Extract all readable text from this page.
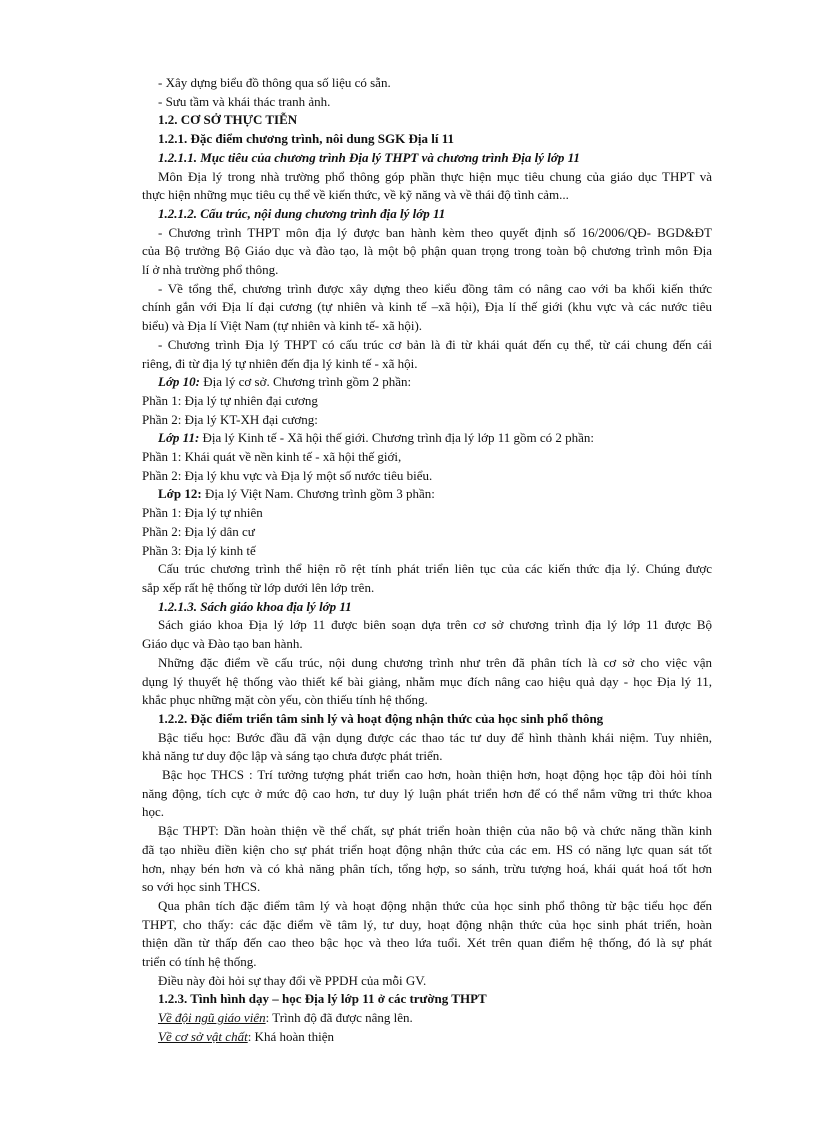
- Xây dựng biểu đồ thông qua số liệu có sẵn.
- Sưu tầm và khái thác tranh ảnh.
1.2. CƠ SỞ THỰC TIỄN
1.2.1. Đặc điểm chương trình, nôi dung SGK Địa lí 11
1.2.1.1. Mục tiêu của chương trình Địa lý THPT và chương trình Địa lý lớp 11
Môn Địa lý trong nhà trường phổ thông góp phần thực hiện mục tiêu chung của giáo dục THPT và
thực hiện những mục tiêu cụ thể về kiến thức, về kỹ năng và về thái độ tình cảm...
1.2.1.2. Cấu trúc, nội dung chương trình địa lý lớp 11
- Chương trình THPT môn địa lý được ban hành kèm theo quyết định số 16/2006/QĐ- BGD&ĐT
của Bộ trưởng Bộ Giáo dục và đào tạo, là một bộ phận quan trọng trong toàn bộ chương trình môn Địa
lí ở nhà trường phổ thông.
- Về tổng thể, chương trình được xây dựng theo kiểu đồng tâm có nâng cao với ba khối kiến thức
chính gắn với Địa lí đại cương (tự nhiên và kinh tế –xã hội), Địa lí thế giới (khu vực và các nước tiêu
biểu) và Địa lí Việt Nam (tự nhiên và kinh tế- xã hội).
- Chương trình Địa lý THPT có cấu trúc cơ bản là đi từ khái quát đến cụ thể, từ cái chung đến cái
riêng, đi từ địa lý tự nhiên đến địa lý kinh tế - xã hội.
Lớp 10: Địa lý cơ sở. Chương trình gồm 2 phần:
Phần 1: Địa lý tự nhiên đại cương
Phần 2: Địa lý KT-XH đại cương:
Lớp 11: Địa lý Kinh tế - Xã hội thế giới. Chương trình địa lý lớp 11 gồm có 2 phần:
Phần 1: Khái quát về nền kinh tế - xã hội thế giới,
Phần 2: Địa lý khu vực và Địa lý một số nước tiêu biểu.
Lớp 12: Địa lý Việt Nam. Chương trình gồm 3 phần:
Phần 1: Địa lý tự nhiên
Phần 2: Địa lý dân cư
Phần 3: Địa lý kinh tế
Cấu trúc chương trình thể hiện rõ rệt tính phát triển liên tục của các kiến thức địa lý. Chúng được
sắp xếp rất hệ thống từ lớp dưới lên lớp trên.
1.2.1.3. Sách giáo khoa địa lý lớp 11
Sách giáo khoa Địa lý lớp 11 được biên soạn dựa trên cơ sở chương trình địa lý lớp 11 được Bộ
Giáo dục và Đào tạo ban hành.
Những đặc điểm về cấu trúc, nội dung chương trình như trên đã phân tích là cơ sở cho việc vận
dụng lý thuyết hệ thống vào thiết kế bài giảng, nhằm mục đích nâng cao hiệu quả dạy - học Địa lý 11,
khắc phục những mặt còn yếu, còn thiếu tính hệ thống.
1.2.2. Đặc điểm triển tâm sinh lý và hoạt động nhận thức của học sinh phổ thông
Bậc tiểu học: Bước đầu đã vận dụng được các thao tác tư duy để hình thành khái niệm. Tuy nhiên,
khả năng tư duy độc lập và sáng tạo chưa được phát triển.
Bậc học THCS : Trí tưởng tượng phát triển cao hơn, hoàn thiện hơn, hoạt động học tập đòi hỏi tính
năng động, tích cực ở mức độ cao hơn, tư duy lý luận phát triển hơn để có thể nắm vững tri thức khoa
học.
Bậc THPT: Dần hoàn thiện về thể chất, sự phát triển hoàn thiện của não bộ và chức năng thần kinh
đã tạo nhiều điền kiện cho sự phát triển hoạt động nhận thức của các em. HS có năng lực quan sát tốt
hơn, nhạy bén hơn và có khả năng phân tích, tổng hợp, so sánh, trừu tượng hoá, khái quát hoá tốt hơn
so với học sinh THCS.
Qua phân tích đặc điểm tâm lý và hoạt động nhận thức của học sinh phổ thông từ bậc tiểu học đến
THPT, cho thấy: các đặc điểm về tâm lý, tư duy, hoạt động nhận thức của học sinh phát triển, hoàn
thiện dần từ thấp đến cao theo bậc học và theo lứa tuổi. Xét trên quan điểm hệ thống, đó là sự phát
triển có tính hệ thống.
Điều này đòi hỏi sự thay đổi về PPDH của mỗi GV.
1.2.3. Tình hình dạy – học Địa lý lớp 11 ở các trường THPT
Về đội ngũ giáo viên: Trình độ đã được nâng lên.
Về cơ sở vật chất: Khá hoàn thiện
